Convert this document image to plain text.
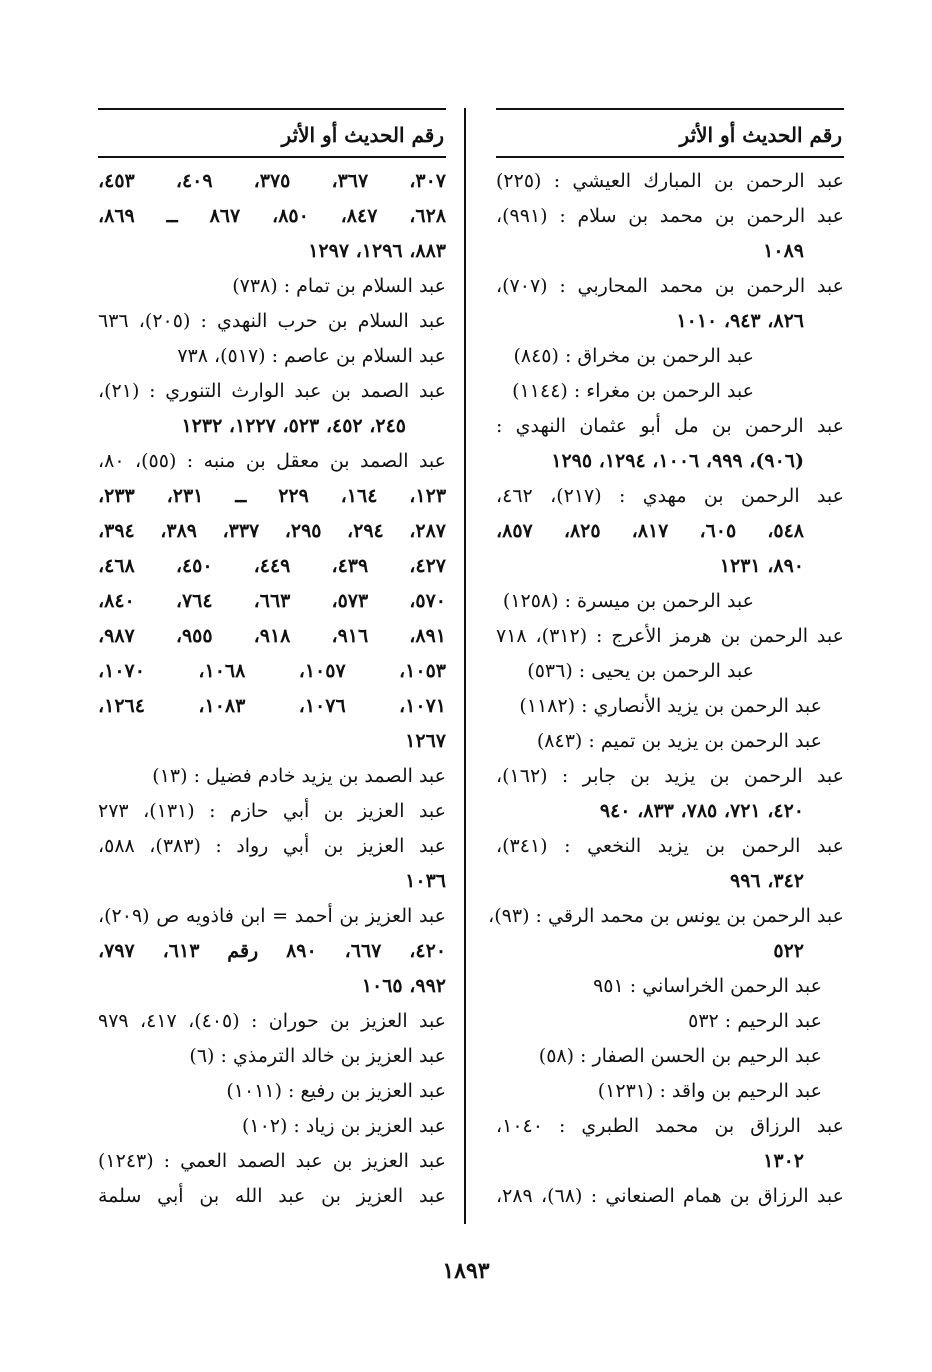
رقم الحديث أو الأثر
عبد الرحمن بن المبارك العيشي : (٢٢٥)
عبد الرحمن بن محمد بن سلام : (٩٩١)،
١٠٨٩
عبد الرحمن بن محمد المحاربي : (٧٠٧)،
٨٢٦، ٩٤٣، ١٠١٠
عبد الرحمن بن مخراق : (٨٤٥)
عبد الرحمن بن مغراء : (١١٤٤)
عبد الرحمن بن مل أبو عثمان النهدي :
(٩٠٦)، ٩٩٩، ١٠٠٦، ١٢٩٤، ١٢٩٥
عبد الرحمن بن مهدي : (٢١٧)، ٤٦٢،
٥٤٨، ٦٠٥، ٨١٧، ٨٢٥، ٨٥٧،
٨٩٠، ١٢٣١
عبد الرحمن بن ميسرة : (١٢٥٨)
عبد الرحمن بن هرمز الأعرج : (٣١٢)، ٧١٨
عبد الرحمن بن يحيى : (٥٣٦)
عبد الرحمن بن يزيد الأنصاري : (١١٨٢)
عبد الرحمن بن يزيد بن تميم : (٨٤٣)
عبد الرحمن بن يزيد بن جابر : (١٦٢)،
٤٢٠، ٧٢١، ٧٨٥، ٨٣٣، ٩٤٠
عبد الرحمن بن يزيد النخعي : (٣٤١)،
٣٤٢، ٩٩٦
عبد الرحمن بن يونس بن محمد الرقي : (٩٣)،
٥٢٢
عبد الرحمن الخراساني : ٩٥١
عبد الرحيم : ٥٣٢
عبد الرحيم بن الحسن الصفار : (٥٨)
عبد الرحيم بن واقد : (١٢٣١)
عبد الرزاق بن محمد الطبري : ١٠٤٠،
١٣٠٢
عبد الرزاق بن همام الصنعاني : (٦٨)، ٢٨٩،
رقم الحديث أو الأثر
٣٠٧، ٣٦٧، ٣٧٥، ٤٠٩، ٤٥٣،
٦٢٨، ٨٤٧، ٨٥٠، ٨٦٧ ــ ٨٦٩،
٨٨٣، ١٢٩٦، ١٢٩٧
عبد السلام بن تمام : (٧٣٨)
عبد السلام بن حرب النهدي : (٢٠٥)، ٦٣٦
عبد السلام بن عاصم : (٥١٧)، ٧٣٨
عبد الصمد بن عبد الوارث التنوري : (٢١)،
٢٤٥، ٤٥٢، ٥٢٣، ١٢٢٧، ١٢٣٢
عبد الصمد بن معقل بن منبه : (٥٥)، ٨٠،
١٢٣، ١٦٤، ٢٢٩ ــ ٢٣١، ٢٣٣،
٢٨٧، ٢٩٤، ٢٩٥، ٣٣٧، ٣٨٩، ٣٩٤،
٤٢٧، ٤٣٩، ٤٤٩، ٤٥٠، ٤٦٨،
٥٧٠، ٥٧٣، ٦٦٣، ٧٦٤، ٨٤٠،
٨٩١، ٩١٦، ٩١٨، ٩٥٥، ٩٨٧،
١٠٥٣، ١٠٥٧، ١٠٦٨، ١٠٧٠،
١٠٧١، ١٠٧٦، ١٠٨٣، ١٢٦٤،
١٢٦٧
عبد الصمد بن يزيد خادم فضيل : (١٣)
عبد العزيز بن أبي حازم : (١٣١)، ٢٧٣
عبد العزيز بن أبي رواد : (٣٨٣)، ٥٨٨،
١٠٣٦
عبد العزيز بن أحمد = ابن فاذويه ص (٢٠٩)،
٤٢٠، ٦٦٧، ٨٩٠ رقم ٦١٣، ٧٩٧،
٩٩٢، ١٠٦٥
عبد العزيز بن حوران : (٤٠٥)، ٤١٧، ٩٧٩
عبد العزيز بن خالد الترمذي : (٦)
عبد العزيز بن رفيع : (١٠١١)
عبد العزيز بن زياد : (١٠٢)
عبد العزيز بن عبد الصمد العمي : (١٢٤٣)
عبد العزيز بن عبد الله بن أبي سلمة
١٨٩٣
